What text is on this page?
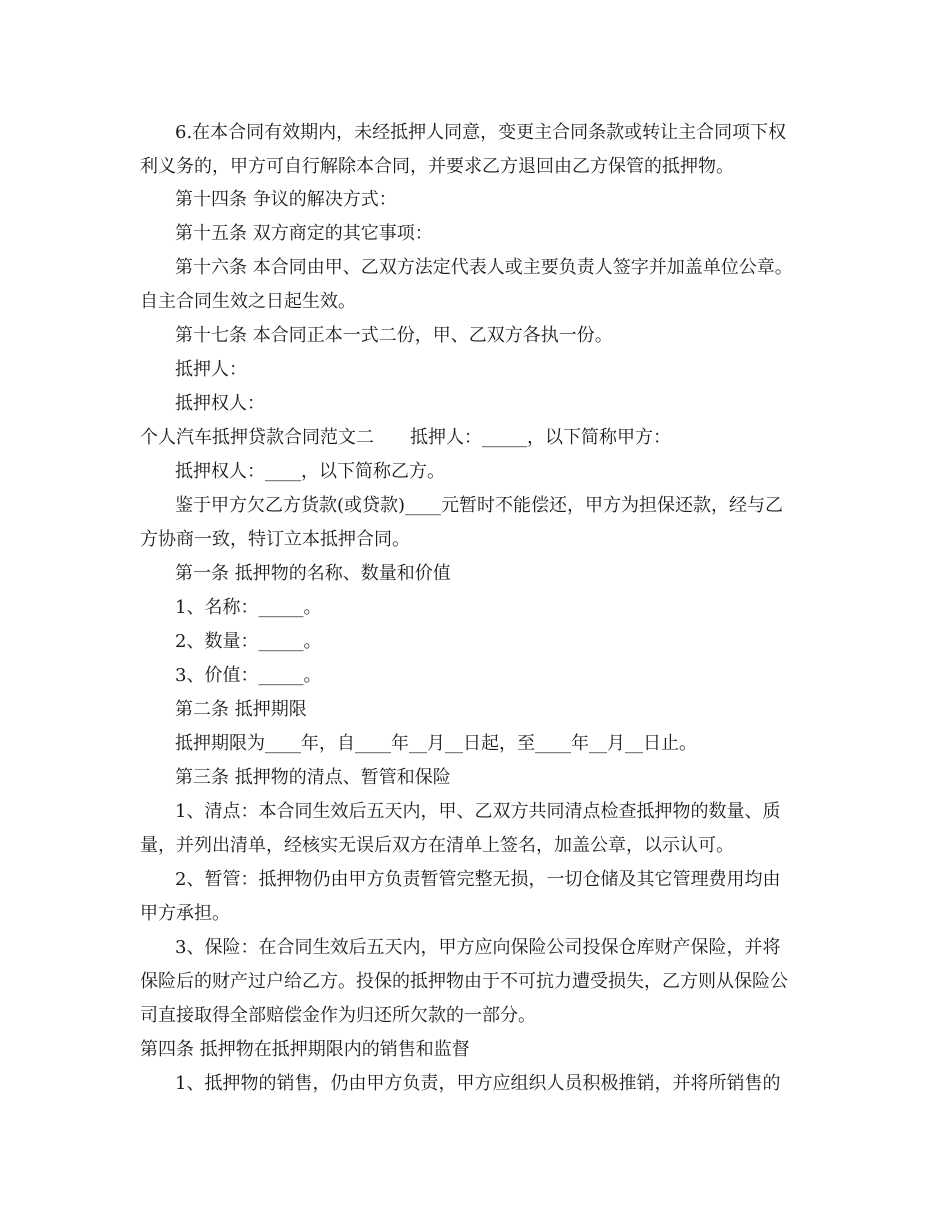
6.在本合同有效期内，未经抵押人同意，变更主合同条款或转让主合同项下权

利义务的，甲方可自行解除本合同，并要求乙方退回由乙方保管的抵押物。

第十四条 争议的解决方式：

第十五条 双方商定的其它事项：

第十六条 本合同由甲、乙双方法定代表人或主要负责人签字并加盖单位公章。

自主合同生效之日起生效。

第十七条 本合同正本一式二份，甲、乙双方各执一份。

抵押人：

抵押权人：

个人汽车抵押贷款合同范文二　　抵押人：_____，以下简称甲方：

抵押权人：____，以下简称乙方。

鉴于甲方欠乙方货款(或贷款)____元暂时不能偿还，甲方为担保还款，经与乙

方协商一致，特订立本抵押合同。

第一条 抵押物的名称、数量和价值

1、名称：_____。

2、数量：_____。

3、价值：_____。

第二条 抵押期限

抵押期限为____年，自____年__月__日起，至____年__月__日止。

第三条 抵押物的清点、暂管和保险

1、清点：本合同生效后五天内，甲、乙双方共同清点检查抵押物的数量、质

量，并列出清单，经核实无误后双方在清单上签名，加盖公章，以示认可。

2、暂管：抵押物仍由甲方负责暂管完整无损，一切仓储及其它管理费用均由

甲方承担。

3、保险：在合同生效后五天内，甲方应向保险公司投保仓库财产保险，并将

保险后的财产过户给乙方。投保的抵押物由于不可抗力遭受损失，乙方则从保险公

司直接取得全部赔偿金作为归还所欠款的一部分。

第四条 抵押物在抵押期限内的销售和监督

1、抵押物的销售，仍由甲方负责，甲方应组织人员积极推销，并将所销售的
